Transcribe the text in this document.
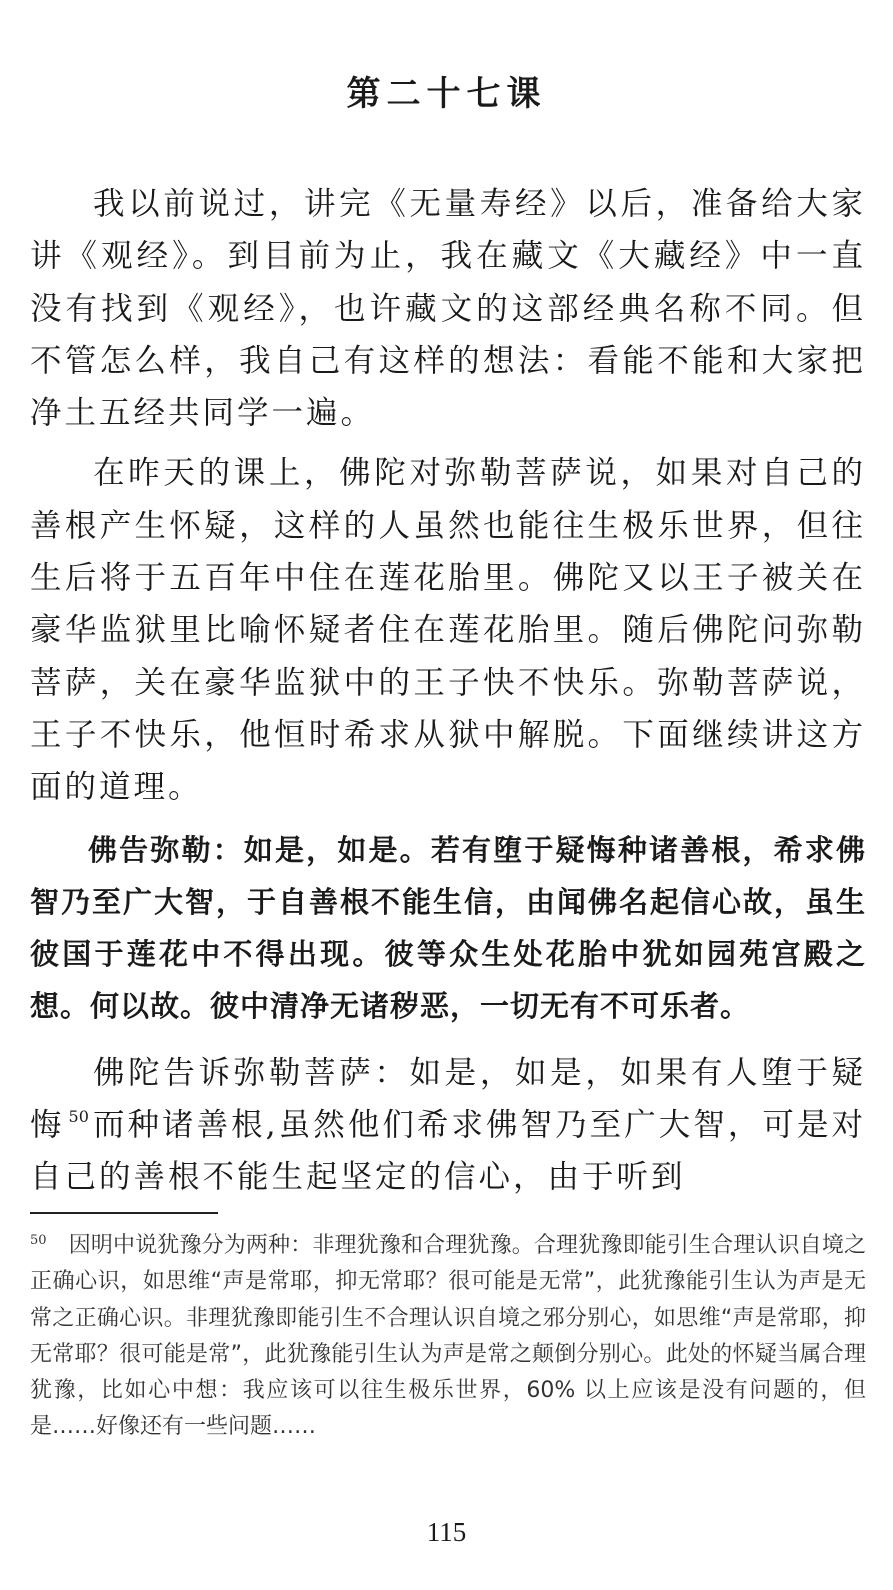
第二十七课

我以前说过，讲完《无量寿经》以后，准备给大家讲《观经》。到目前为止，我在藏文《大藏经》中一直没有找到《观经》，也许藏文的这部经典名称不同。但不管怎么样，我自己有这样的想法：看能不能和大家把净土五经共同学一遍。

在昨天的课上，佛陀对弥勒菩萨说，如果对自己的善根产生怀疑，这样的人虽然也能往生极乐世界，但往生后将于五百年中住在莲花胎里。佛陀又以王子被关在豪华监狱里比喻怀疑者住在莲花胎里。随后佛陀问弥勒菩萨，关在豪华监狱中的王子快不快乐。弥勒菩萨说，王子不快乐，他恒时希求从狱中解脱。下面继续讲这方面的道理。

佛告弥勒：如是，如是。若有堕于疑悔种诸善根，希求佛智乃至广大智，于自善根不能生信，由闻佛名起信心故，虽生彼国于莲花中不得出现。彼等众生处花胎中犹如园苑宫殿之想。何以故。彼中清净无诸秽恶，一切无有不可乐者。

佛陀告诉弥勒菩萨：如是，如是，如果有人堕于疑悔 $^{50}$ 而种诸善根,虽然他们希求佛智乃至广大智，可是对自己的善根不能生起坚定的信心，由于听到

$^{50}$ 因明中说犹豫分为两种：非理犹豫和合理犹豫。合理犹豫即能引生合理认识自境之正确心识，如思维“声是常耶，抑无常耶？很可能是无常”，此犹豫能引生认为声是无常之正确心识。非理犹豫即能引生不合理认识自境之邪分别心，如思维“声是常耶，抑无常耶？很可能是常”，此犹豫能引生认为声是常之颠倒分别心。此处的怀疑当属合理犹豫，比如心中想：我应该可以往生极乐世界，60% 以上应该是没有问题的，但是……好像还有一些问题……
115
